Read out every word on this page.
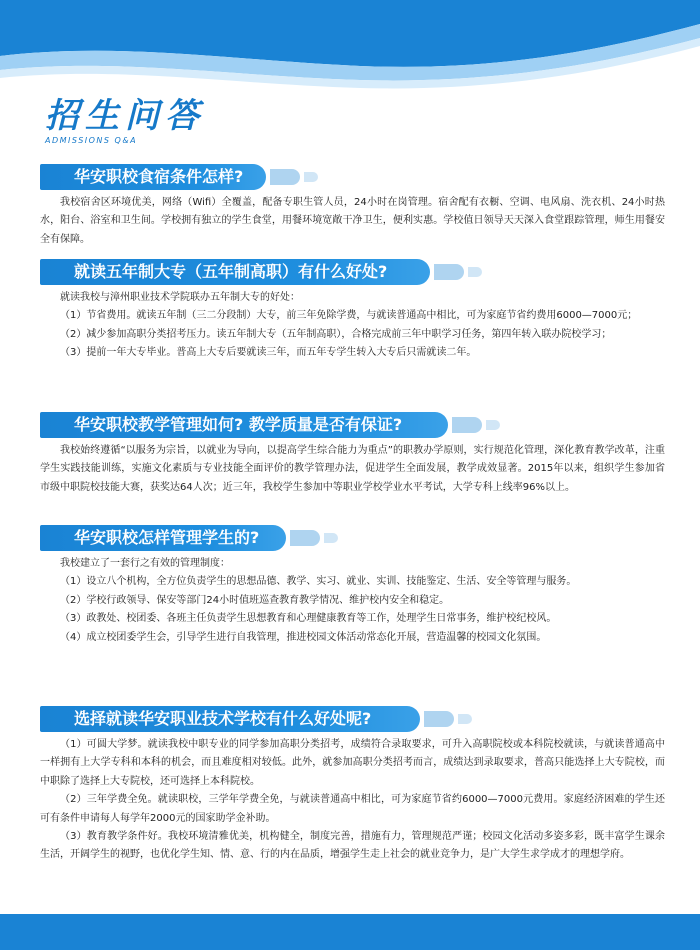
招生问答
ADMISSIONS Q&A
华安职校食宿条件怎样?

我校宿舍区环境优美，网络（Wifi）全覆盖，配备专职生管人员，24小时在岗管理。宿舍配有衣橱、空调、电风扇、洗衣机、24小时热水，阳台、浴室和卫生间。学校拥有独立的学生食堂，用餐环境宽敞干净卫生，便利实惠。学校值日领导天天深入食堂跟踪管理，师生用餐安全有保障。

就读五年制大专（五年制高职）有什么好处?

就读我校与漳州职业技术学院联办五年制大专的好处：

（1）节省费用。就读五年制（三二分段制）大专，前三年免除学费，与就读普通高中相比，可为家庭节省约费用6000—7000元；

（2）减少参加高职分类招考压力。读五年制大专（五年制高职），合格完成前三年中职学习任务，第四年转入联办院校学习；

（3）提前一年大专毕业。普高上大专后要就读三年，而五年专学生转入大专后只需就读二年。

华安职校教学管理如何? 教学质量是否有保证?

我校始终遵循“以服务为宗旨，以就业为导向，以提高学生综合能力为重点”的职教办学原则，实行规范化管理，深化教育教学改革，注重学生实践技能训练，实施文化素质与专业技能全面评价的教学管理办法，促进学生全面发展，教学成效显著。2015年以来，组织学生参加省市级中职院校技能大赛，获奖达64人次；近三年，我校学生参加中等职业学校学业水平考试，大学专科上线率96%以上。

华安职校怎样管理学生的?

我校建立了一套行之有效的管理制度：

（1）设立八个机构，全方位负责学生的思想品德、教学、实习、就业、实训、技能鉴定、生活、安全等管理与服务。

（2）学校行政领导、保安等部门24小时值班巡查教育教学情况、维护校内安全和稳定。

（3）政教处、校团委、各班主任负责学生思想教育和心理健康教育等工作，处理学生日常事务，维护校纪校风。

（4）成立校团委学生会，引导学生进行自我管理，推进校园文体活动常态化开展，营造温馨的校园文化氛围。

选择就读华安职业技术学校有什么好处呢?

（1）可圆大学梦。就读我校中职专业的同学参加高职分类招考，成绩符合录取要求，可升入高职院校或本科院校就读，与就读普通高中一样拥有上大学专科和本科的机会，而且难度相对较低。此外，就参加高职分类招考而言，成绩达到录取要求，普高只能选择上大专院校，而中职除了选择上大专院校，还可选择上本科院校。

（2）三年学费全免。就读职校，三学年学费全免，与就读普通高中相比，可为家庭节省约6000—7000元费用。家庭经济困难的学生还可有条件申请每人每学年2000元的国家助学金补助。

（3）教育教学条件好。我校环境清雅优美，机构健全，制度完善，措施有力，管理规范严谨；校园文化活动多姿多彩，既丰富学生课余生活，开阔学生的视野，也优化学生知、情、意、行的内在品质，增强学生走上社会的就业竞争力，是广大学生求学成才的理想学府。
